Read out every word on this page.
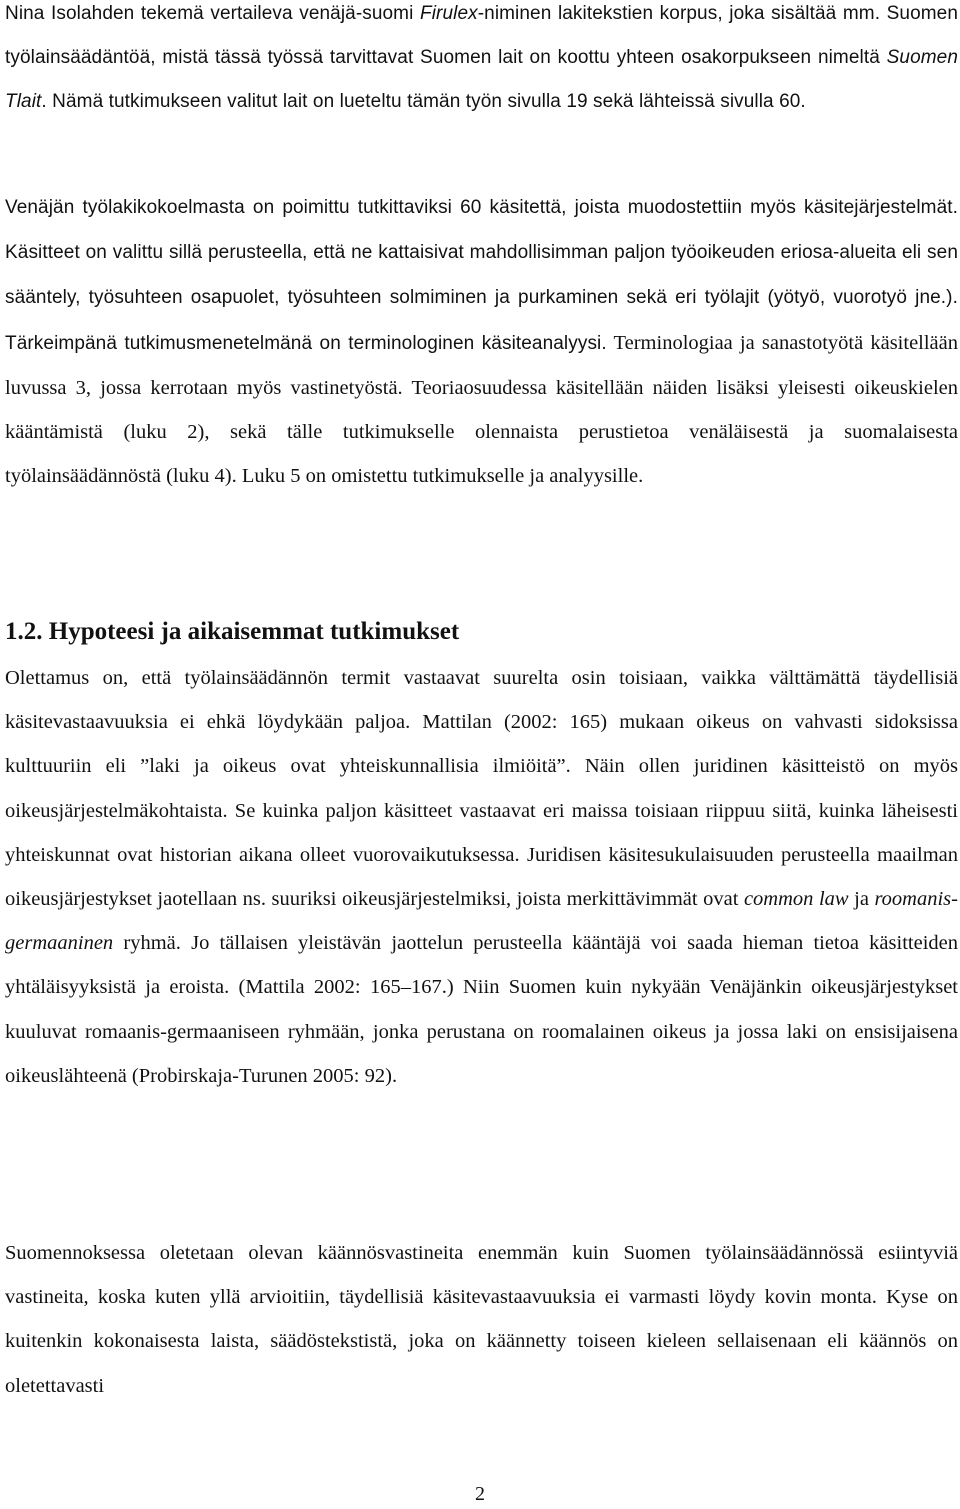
Nina Isolahden tekemä vertaileva venäjä-suomi Firulex-niminen lakitekstien korpus, joka sisältää mm. Suomen työlainsäädäntöä, mistä tässä työssä tarvittavat Suomen lait on koottu yhteen osakorpukseen nimeltä Suomen Tlait. Nämä tutkimukseen valitut lait on lueteltu tämän työn sivulla 19 sekä lähteissä sivulla 60.

Venäjän työlakikokoelmasta on poimittu tutkittaviksi 60 käsitettä, joista muodostettiin myös käsitejärjestelmät. Käsitteet on valittu sillä perusteella, että ne kattaisivat mahdollisimman paljon työoikeuden eriosa-alueita eli sen sääntely, työsuhteen osapuolet, työsuhteen solmiminen ja purkaminen sekä eri työlajit (yötyö, vuorotyö jne.). Tärkeimpänä tutkimusmenetelmänä on terminologinen käsiteanalyysi. Terminologiaa ja sanastotyötä käsitellään luvussa 3, jossa kerrotaan myös vastinetyöstä. Teoriaosuudessa käsitellään näiden lisäksi yleisesti oikeuskielen kääntämistä (luku 2), sekä tälle tutkimukselle olennaista perustietoa venäläisestä ja suomalaisesta työlainsäädännöstä (luku 4). Luku 5 on omistettu tutkimukselle ja analyysille.

1.2. Hypoteesi ja aikaisemmat tutkimukset

Olettamus on, että työlainsäädännön termit vastaavat suurelta osin toisiaan, vaikka välttämättä täydellisiä käsitevastaavuuksia ei ehkä löydykään paljoa. Mattilan (2002: 165) mukaan oikeus on vahvasti sidoksissa kulttuuriin eli ”laki ja oikeus ovat yhteiskunnallisia ilmiöitä”. Näin ollen juridinen käsitteistö on myös oikeusjärjestelmäkohtaista. Se kuinka paljon käsitteet vastaavat eri maissa toisiaan riippuu siitä, kuinka läheisesti yhteiskunnat ovat historian aikana olleet vuorovaikutuksessa. Juridisen käsitesukulaisuuden perusteella maailman oikeusjärjestykset jaotellaan ns. suuriksi oikeusjärjestelmiksi, joista merkittävimmät ovat common law ja roomanis-germaaninen ryhmä. Jo tällaisen yleistävän jaottelun perusteella kääntäjä voi saada hieman tietoa käsitteiden yhtäläisyyksistä ja eroista. (Mattila 2002: 165–167.) Niin Suomen kuin nykyään Venäjänkin oikeusjärjestykset kuuluvat romaanis-germaaniseen ryhmään, jonka perustana on roomalainen oikeus ja jossa laki on ensisijaisena oikeuslähteenä (Probirskaja-Turunen 2005: 92).

Suomennoksessa oletetaan olevan käännösvastineita enemmän kuin Suomen työlainsäädännössä esiintyviä vastineita, koska kuten yllä arvioitiin, täydellisiä käsitevastaavuuksia ei varmasti löydy kovin monta. Kyse on kuitenkin kokonaisesta laista, säädöstekstistä, joka on käännetty toiseen kieleen sellaisenaan eli käännös on oletettavasti

2
